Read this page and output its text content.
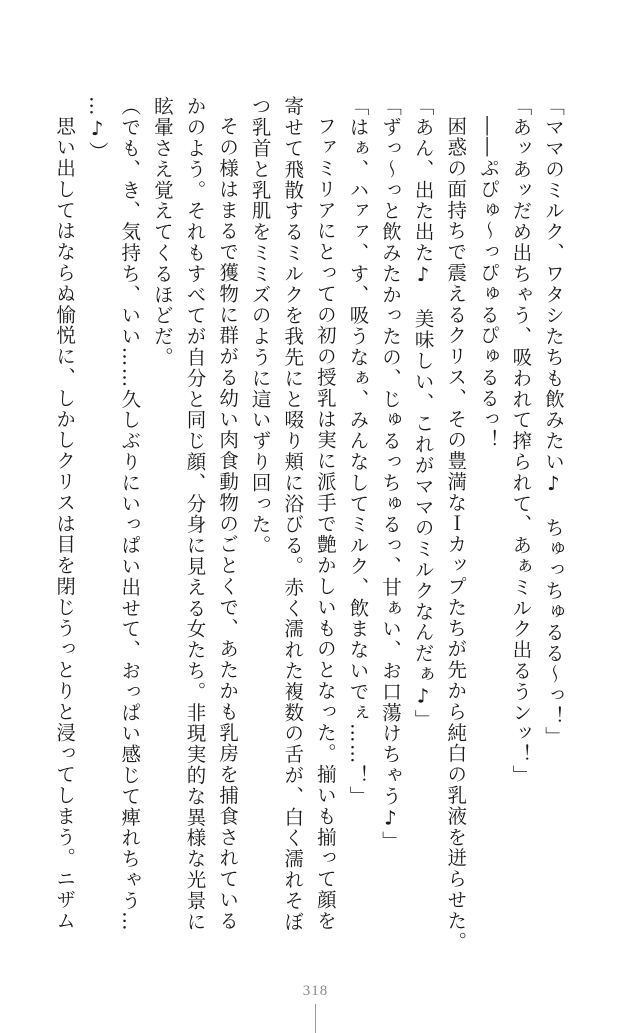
「ママのミルク、ワタシたちも飲みたい♪　ちゅっちゅるる～っ！」
「あッあッだめ出ちゃう、吸われて搾られて、あぁミルク出るうンッ！」
――ぷぴゅ～っぴゅるぴゅるるっ！
困惑の面持ちで震えるクリス、その豊満なＩカップたちが先から純白の乳液を迸らせた。
「あん、出た出た♪　美味しい、これがママのミルクなんだぁ♪」
「ずっ～っと飲みたかったの、じゅるっちゅるっ、甘ぁい、お口蕩けちゃう♪」
「はぁ、ハァァ、す、吸うなぁ、みんなしてミルク、飲まないでぇ……！」
ファミリアにとっての初の授乳は実に派手で艶かしいものとなった。揃いも揃って顔を
寄せて飛散するミルクを我先にと啜り頬に浴びる。赤く濡れた複数の舌が、白く濡れそぼ
つ乳首と乳肌をミミズのように這いずり回った。
その様はまるで獲物に群がる幼い肉食動物のごとくで、あたかも乳房を捕食されている
かのよう。それもすべてが自分と同じ顔、分身に見える女たち。非現実的な異様な光景に
眩暈さえ覚えてくるほどだ。
（でも、き、気持ち、いい……久しぶりにいっぱい出せて、おっぱい感じて痺れちゃう…
…♪）
思い出してはならぬ愉悦に、しかしクリスは目を閉じうっとりと浸ってしまう。ニザム
318
